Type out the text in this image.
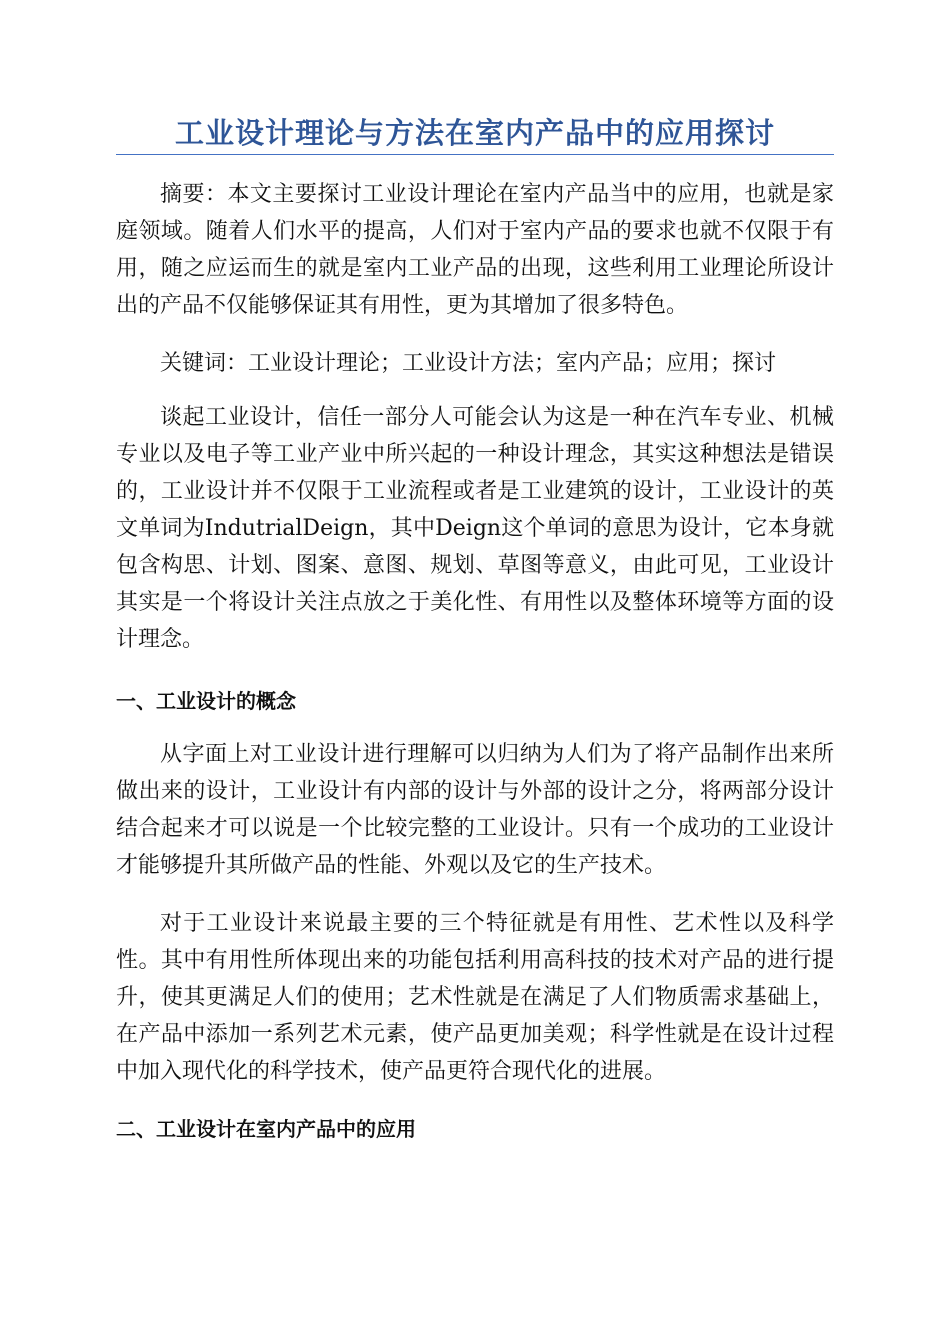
工业设计理论与方法在室内产品中的应用探讨

摘要：本文主要探讨工业设计理论在室内产品当中的应用，也就是家庭领域。随着人们水平的提高，人们对于室内产品的要求也就不仅限于有用，随之应运而生的就是室内工业产品的出现，这些利用工业理论所设计出的产品不仅能够保证其有用性，更为其增加了很多特色。

关键词：工业设计理论；工业设计方法；室内产品；应用；探讨

谈起工业设计，信任一部分人可能会认为这是一种在汽车专业、机械专业以及电子等工业产业中所兴起的一种设计理念，其实这种想法是错误的，工业设计并不仅限于工业流程或者是工业建筑的设计，工业设计的英文单词为IndutrialDeign，其中Deign这个单词的意思为设计，它本身就包含构思、计划、图案、意图、规划、草图等意义，由此可见，工业设计其实是一个将设计关注点放之于美化性、有用性以及整体环境等方面的设计理念。

一、工业设计的概念

从字面上对工业设计进行理解可以归纳为人们为了将产品制作出来所做出来的设计，工业设计有内部的设计与外部的设计之分，将两部分设计结合起来才可以说是一个比较完整的工业设计。只有一个成功的工业设计才能够提升其所做产品的性能、外观以及它的生产技术。

对于工业设计来说最主要的三个特征就是有用性、艺术性以及科学性。其中有用性所体现出来的功能包括利用高科技的技术对产品的进行提升，使其更满足人们的使用；艺术性就是在满足了人们物质需求基础上，在产品中添加一系列艺术元素，使产品更加美观；科学性就是在设计过程中加入现代化的科学技术，使产品更符合现代化的进展。

二、工业设计在室内产品中的应用
